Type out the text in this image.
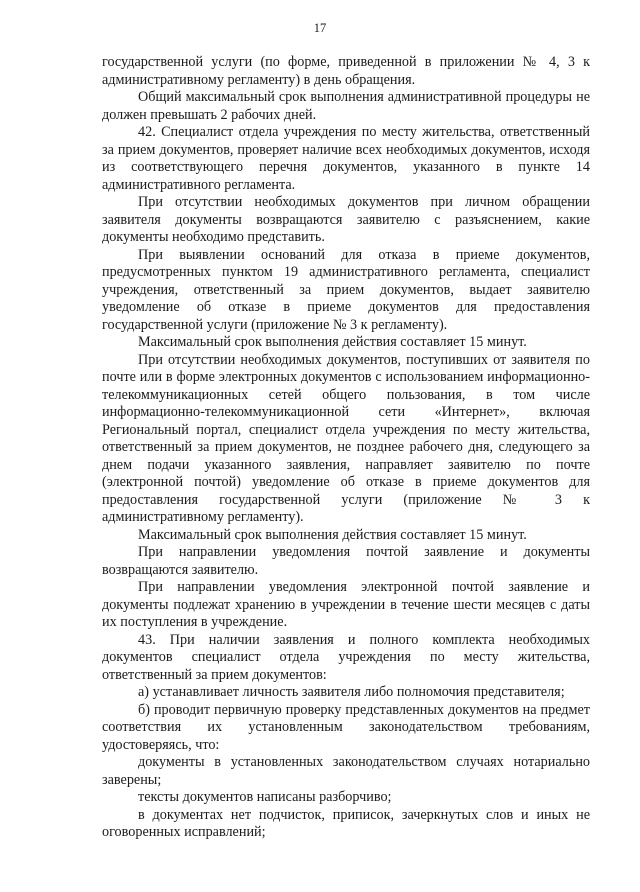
17

государственной услуги (по форме, приведенной в приложении № 4, 3 к административному регламенту) в день обращения.

Общий максимальный срок выполнения административной процедуры не должен превышать 2 рабочих дней.

42. Специалист отдела учреждения по месту жительства, ответственный за прием документов, проверяет наличие всех необходимых документов, исходя из соответствующего перечня документов, указанного в пункте 14 административного регламента.

При отсутствии необходимых документов при личном обращении заявителя документы возвращаются заявителю с разъяснением, какие документы необходимо представить.

При выявлении оснований для отказа в приеме документов, предусмотренных пунктом 19 административного регламента, специалист учреждения, ответственный за прием документов, выдает заявителю уведомление об отказе в приеме документов для предоставления государственной услуги (приложение № 3 к регламенту).

Максимальный срок выполнения действия составляет 15 минут.

При отсутствии необходимых документов, поступивших от заявителя по почте или в форме электронных документов с использованием информационно-телекоммуникационных сетей общего пользования, в том числе информационно-телекоммуникационной сети «Интернет», включая Региональный портал, специалист отдела учреждения по месту жительства, ответственный за прием документов, не позднее рабочего дня, следующего за днем подачи указанного заявления, направляет заявителю по почте (электронной почтой) уведомление об отказе в приеме документов для предоставления государственной услуги (приложение № 3 к административному регламенту).

Максимальный срок выполнения действия составляет 15 минут.

При направлении уведомления почтой заявление и документы возвращаются заявителю.

При направлении уведомления электронной почтой заявление и документы подлежат хранению в учреждении в течение шести месяцев с даты их поступления в учреждение.

43. При наличии заявления и полного комплекта необходимых документов специалист отдела учреждения по месту жительства, ответственный за прием документов:

а) устанавливает личность заявителя либо полномочия представителя;

б) проводит первичную проверку представленных документов на предмет соответствия их установленным законодательством требованиям, удостоверяясь, что:

документы в установленных законодательством случаях нотариально заверены;

тексты документов написаны разборчиво;

в документах нет подчисток, приписок, зачеркнутых слов и иных не оговоренных исправлений;
